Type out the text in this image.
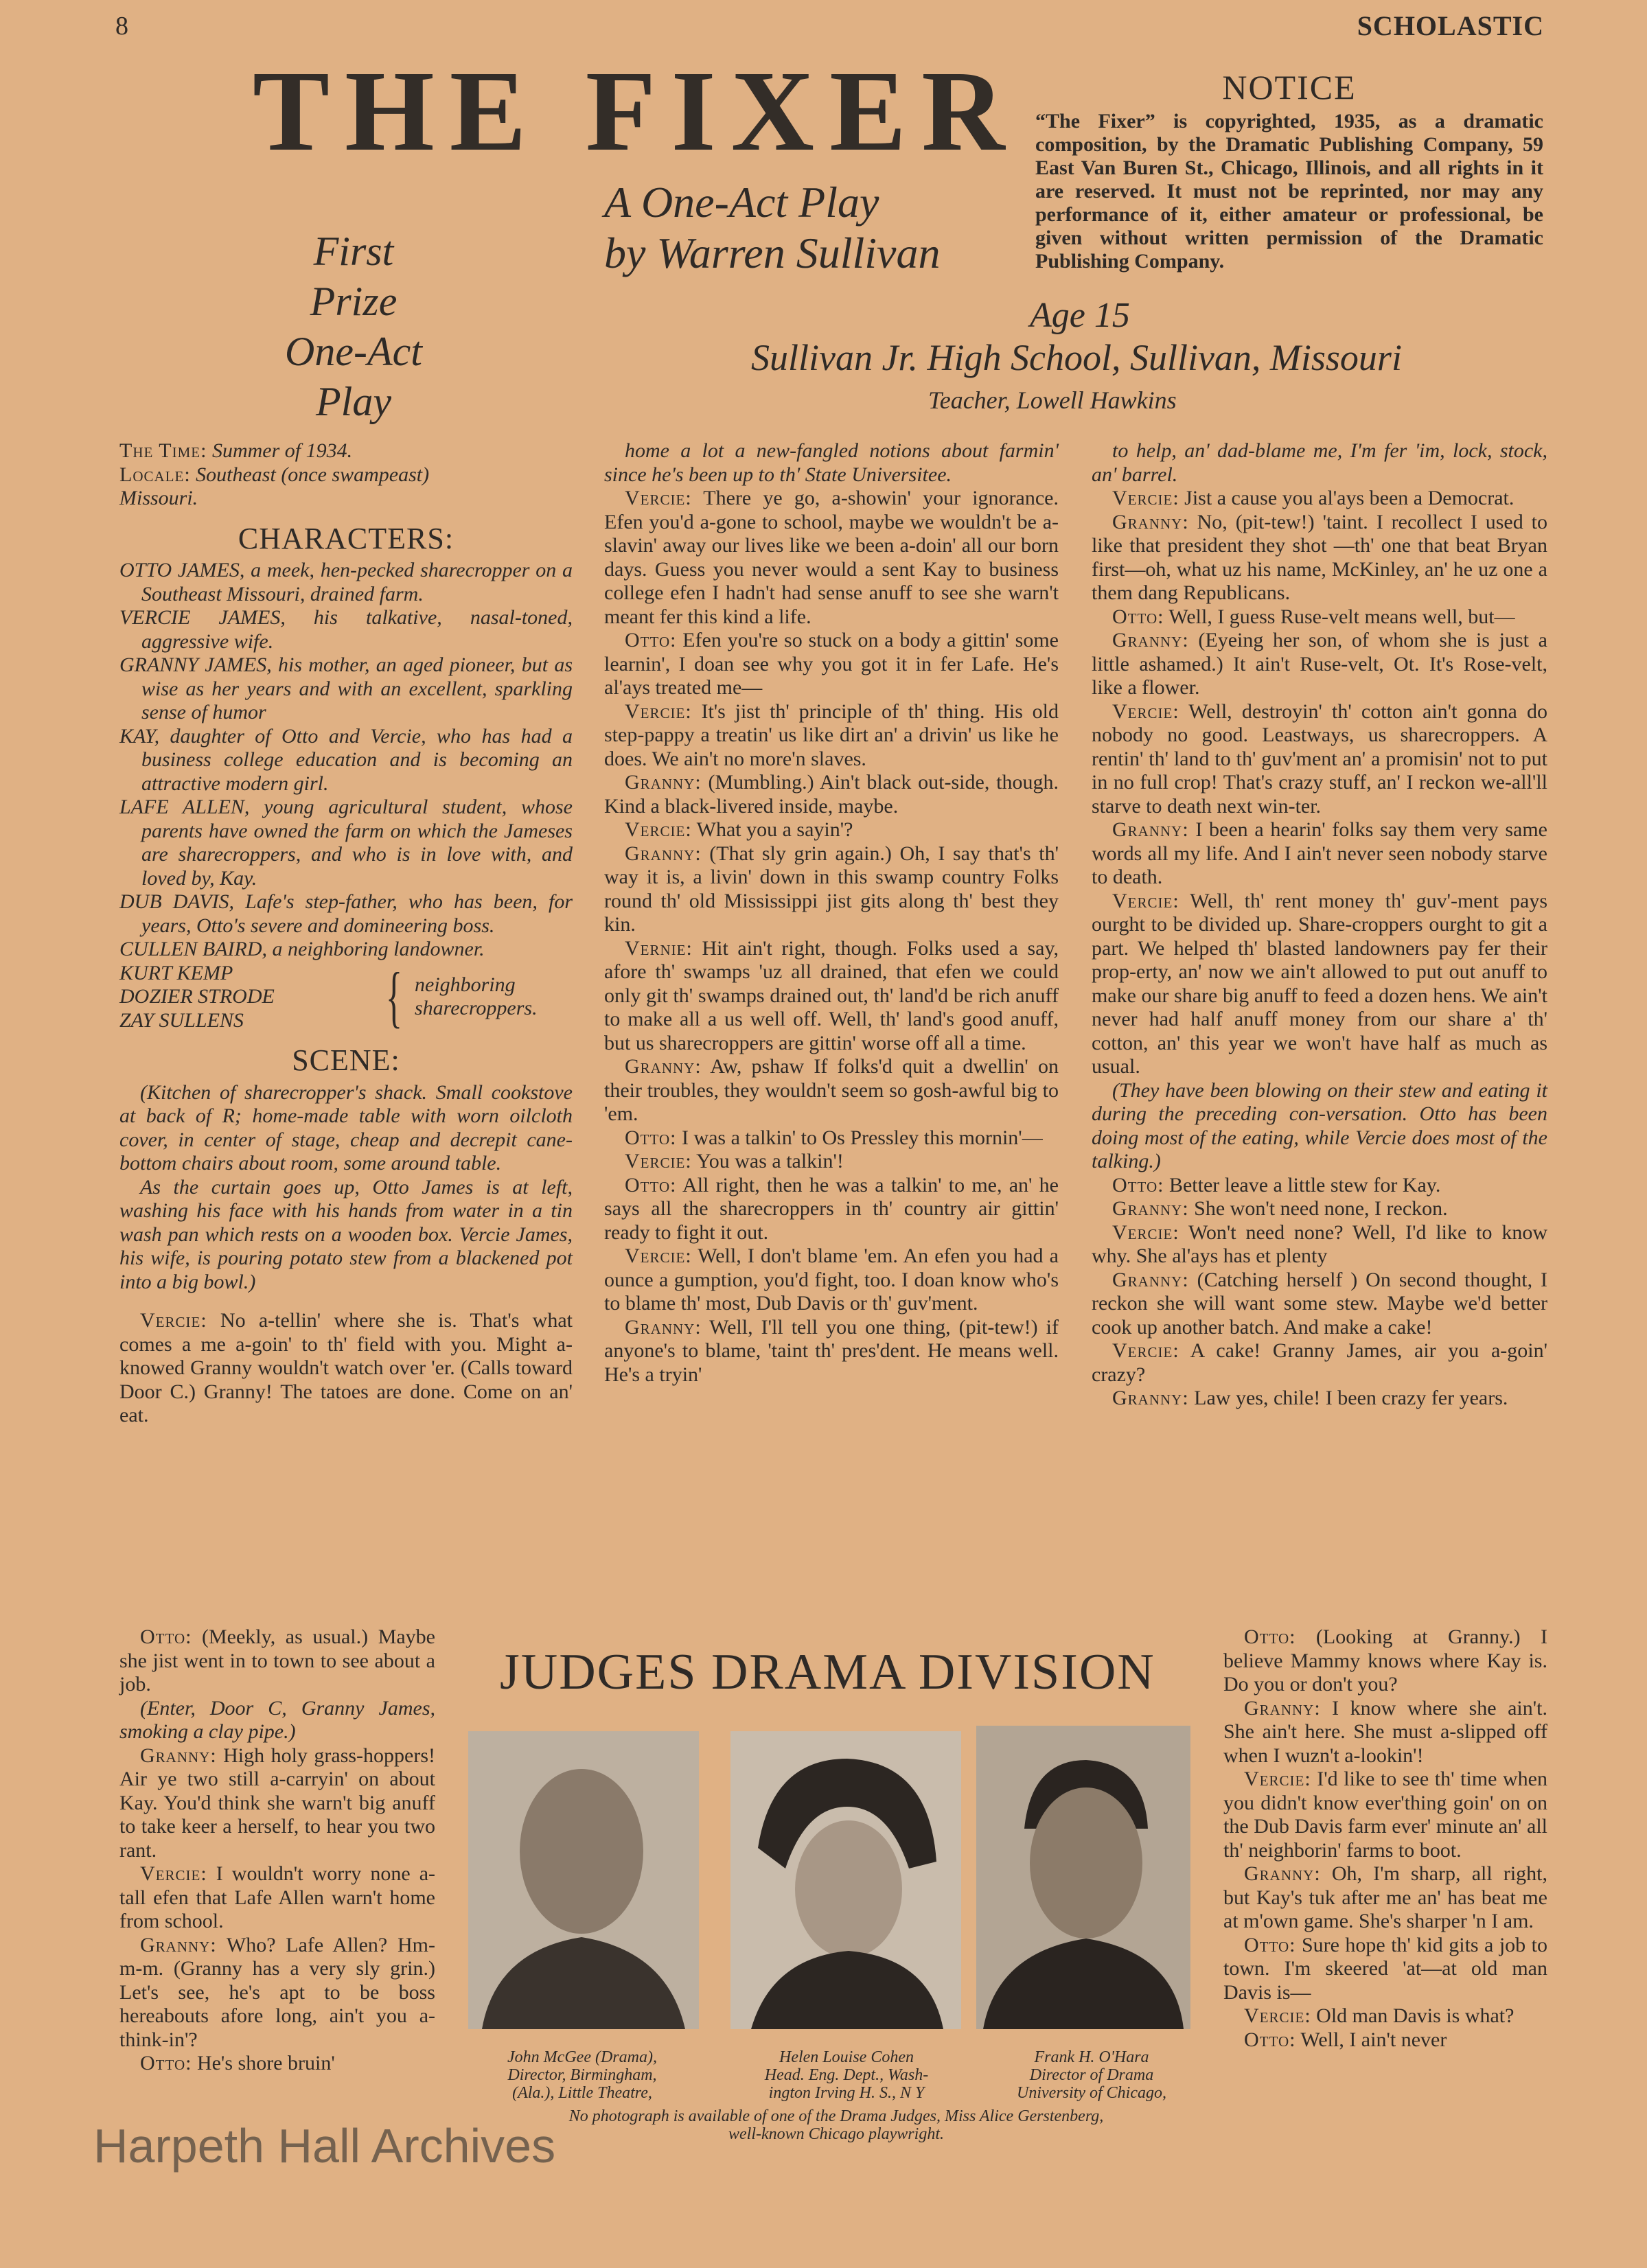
8	SCHOLASTIC
THE FIXER
A One-Act Play
by Warren Sullivan
First
Prize
One-Act
Play
NOTICE

“The Fixer” is copyrighted, 1935, as a dramatic composition, by the Dramatic Publishing Company, 59 East Van Buren St., Chicago, Illinois, and all rights in it are reserved. It must not be reprinted, nor may any performance of it, either amateur or professional, be given without written permission of the Dramatic Publishing Company.

Age 15
Sullivan Jr. High School, Sullivan, Missouri
Teacher, Lowell Hawkins

The Time: Summer of 1934.

Locale: Southeast (once swampeast)

Missouri.

CHARACTERS:

OTTO JAMES, a meek, hen-pecked sharecropper on a Southeast Missouri, drained farm.

VERCIE JAMES, his talkative, nasal-toned, aggressive wife.

GRANNY JAMES, his mother, an aged pioneer, but as wise as her years and with an excellent, sparkling sense of humor

KAY, daughter of Otto and Vercie, who has had a business college education and is becoming an attractive modern girl.

LAFE ALLEN, young agricultural student, whose parents have owned the farm on which the Jameses are sharecroppers, and who is in love with, and loved by, Kay.

DUB DAVIS, Lafe's step-father, who has been, for years, Otto's severe and domineering boss.

CULLEN BAIRD, a neighboring landowner.

KURT KEMP
DOZIER STRODE
ZAY SULLENS	{ neighboring sharecroppers.
SCENE:

(Kitchen of sharecropper's shack. Small cookstove at back of R; home-made table with worn oilcloth cover, in center of stage, cheap and decrepit cane-bottom chairs about room, some around table.

As the curtain goes up, Otto James is at left, washing his face with his hands from water in a tin wash pan which rests on a wooden box. Vercie James, his wife, is pouring potato stew from a blackened pot into a big bowl.)

Vercie: No a-tellin' where she is. That's what comes a me a-goin' to th' field with you. Might a-knowed Granny wouldn't watch over 'er. (Calls toward Door C.) Granny! The tatoes are done. Come on an' eat.

Otto: (Meekly, as usual.) Maybe she jist went in to town to see about a job.

(Enter, Door C, Granny James, smoking a clay pipe.)

Granny: High holy grass-hoppers! Air ye two still a-carryin' on about Kay. You'd think she warn't big anuff to take keer a herself, to hear you two rant.

Vercie: I wouldn't worry none a-tall efen that Lafe Allen warn't home from school.

Granny: Who? Lafe Allen? Hm-m-m. (Granny has a very sly grin.) Let's see, he's apt to be boss hereabouts afore long, ain't you a-think-in'?

Otto: He's shore bruin'

home a lot a new-fangled notions about farmin' since he's been up to th' State Universitee.

Vercie: There ye go, a-showin' your ignorance. Efen you'd a-gone to school, maybe we wouldn't be a-slavin' away our lives like we been a-doin' all our born days. Guess you never would a sent Kay to business college efen I hadn't had sense anuff to see she warn't meant fer this kind a life.

Otto: Efen you're so stuck on a body a gittin' some learnin', I doan see why you got it in fer Lafe. He's al'ays treated me—

Vercie: It's jist th' principle of th' thing. His old step-pappy a treatin' us like dirt an' a drivin' us like he does. We ain't no more'n slaves.

Granny: (Mumbling.) Ain't black out-side, though. Kind a black-livered inside, maybe.

Vercie: What you a sayin'?

Granny: (That sly grin again.) Oh, I say that's th' way it is, a livin' down in this swamp country Folks round th' old Mississippi jist gits along th' best they kin.

Vernie: Hit ain't right, though. Folks used a say, afore th' swamps 'uz all drained, that efen we could only git th' swamps drained out, th' land'd be rich anuff to make all a us well off. Well, th' land's good anuff, but us sharecroppers are gittin' worse off all a time.

Granny: Aw, pshaw If folks'd quit a dwellin' on their troubles, they wouldn't seem so gosh-awful big to 'em.

Otto: I was a talkin' to Os Pressley this mornin'—

Vercie: You was a talkin'!

Otto: All right, then he was a talkin' to me, an' he says all the sharecroppers in th' country air gittin' ready to fight it out.

Vercie: Well, I don't blame 'em. An efen you had a ounce a gumption, you'd fight, too. I doan know who's to blame th' most, Dub Davis or th' guv'ment.

Granny: Well, I'll tell you one thing, (pit-tew!) if anyone's to blame, 'taint th' pres'dent. He means well. He's a tryin'

to help, an' dad-blame me, I'm fer 'im, lock, stock, an' barrel.

Vercie: Jist a cause you al'ays been a Democrat.

Granny: No, (pit-tew!) 'taint. I recollect I used to like that president they shot —th' one that beat Bryan first—oh, what uz his name, McKinley, an' he uz one a them dang Republicans.

Otto: Well, I guess Ruse-velt means well, but—

Granny: (Eyeing her son, of whom she is just a little ashamed.) It ain't Ruse-velt, Ot. It's Rose-velt, like a flower.

Vercie: Well, destroyin' th' cotton ain't gonna do nobody no good. Leastways, us sharecroppers. A rentin' th' land to th' guv'ment an' a promisin' not to put in no full crop! That's crazy stuff, an' I reckon we-all'll starve to death next win-ter.

Granny: I been a hearin' folks say them very same words all my life. And I ain't never seen nobody starve to death.

Vercie: Well, th' rent money th' guv'-ment pays ourght to be divided up. Share-croppers ourght to git a part. We helped th' blasted landowners pay fer their prop-erty, an' now we ain't allowed to put out anuff to make our share big anuff to feed a dozen hens. We ain't never had half anuff money from our share a' th' cotton, an' this year we won't have half as much as usual.

(They have been blowing on their stew and eating it during the preceding con-versation. Otto has been doing most of the eating, while Vercie does most of the talking.)

Otto: Better leave a little stew for Kay.

Granny: She won't need none, I reckon.

Vercie: Won't need none? Well, I'd like to know why. She al'ays has et plenty

Granny: (Catching herself ) On second thought, I reckon she will want some stew. Maybe we'd better cook up another batch. And make a cake!

Vercie: A cake! Granny James, air you a-goin' crazy?

Granny: Law yes, chile! I been crazy fer years.

Otto: (Looking at Granny.) I believe Mammy knows where Kay is. Do you or don't you?

Granny: I know where she ain't. She ain't here. She must a-slipped off when I wuzn't a-lookin'!

Vercie: I'd like to see th' time when you didn't know ever'thing goin' on on the Dub Davis farm ever' minute an' all th' neighborin' farms to boot.

Granny: Oh, I'm sharp, all right, but Kay's tuk after me an' has beat me at m'own game. She's sharper 'n I am.

Otto: Sure hope th' kid gits a job to town. I'm skeered 'at—at old man Davis is—

Vercie: Old man Davis is what?

Otto: Well, I ain't never

JUDGES DRAMA DIVISION
John McGee (Drama),
Director, Birmingham,
(Ala.), Little Theatre,
Helen Louise Cohen
Head. Eng. Dept., Wash-
ington Irving H. S., N Y
Frank H. O'Hara
Director of Drama
University of Chicago,
No photograph is available of one of the Drama Judges, Miss Alice Gerstenberg,
well-known Chicago playwright.
Harpeth Hall Archives
